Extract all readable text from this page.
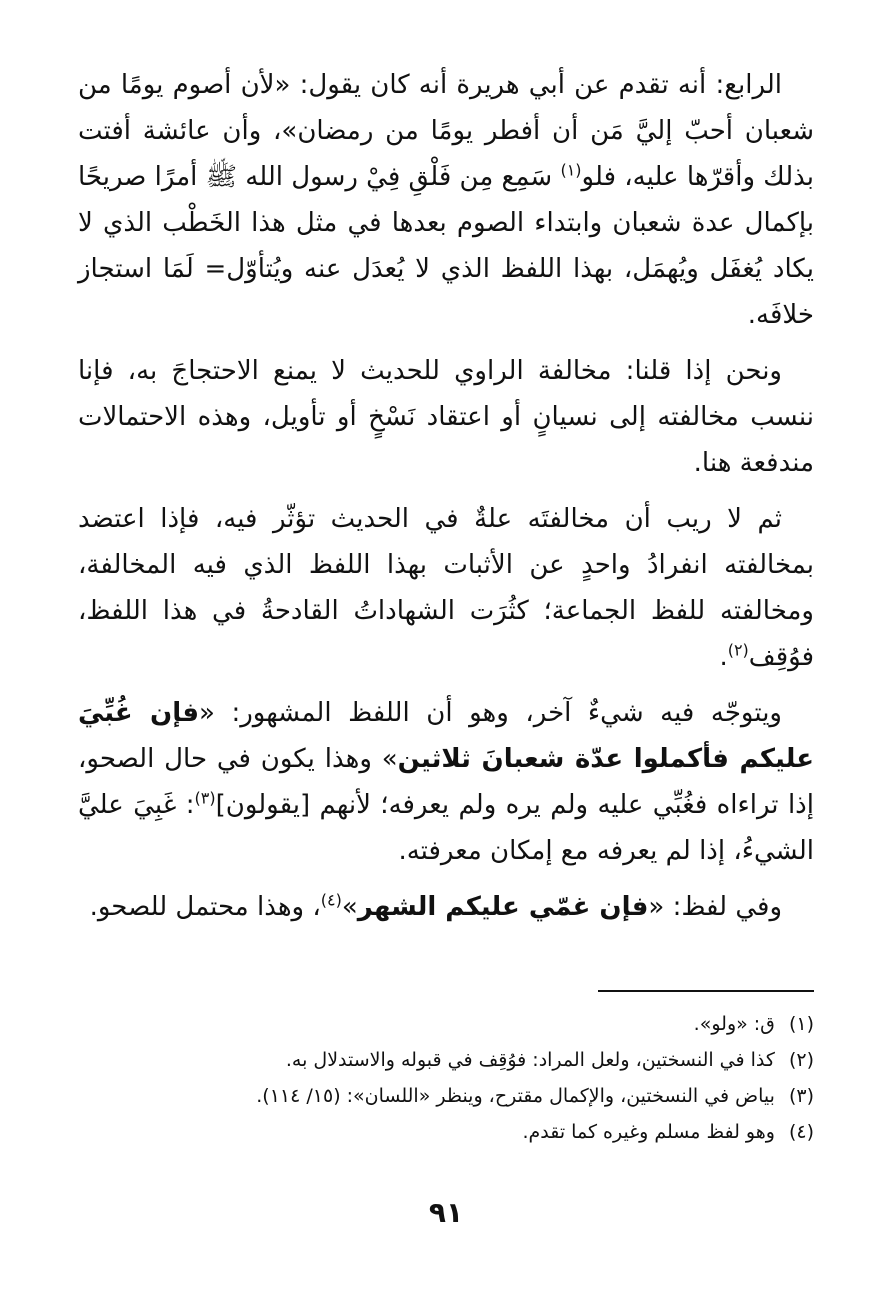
الرابع: أنه تقدم عن أبي هريرة أنه كان يقول: «لأن أصوم يومًا من شعبان أحبّ إليَّ مَن أن أفطر يومًا من رمضان»، وأن عائشة أفتت بذلك وأقرّها عليه، فلو$^{(١)}$ سَمِع مِن فَلْقِ فِيْ رسول الله ﷺ أمرًا صريحًا بإكمال عدة شعبان وابتداء الصوم بعدها في مثل هذا الخَطْب الذي لا يكاد يُغفَل ويُهمَل، بهذا اللفظ الذي لا يُعدَل عنه ويُتأوّل= لَمَا استجاز خلافَه.

ونحن إذا قلنا: مخالفة الراوي للحديث لا يمنع الاحتجاجَ به، فإنا ننسب مخالفته إلى نسيانٍ أو اعتقاد نَسْخٍ أو تأويل، وهذه الاحتمالات مندفعة هنا.

ثم لا ريب أن مخالفتَه علةٌ في الحديث تؤثّر فيه، فإذا اعتضد بمخالفته انفرادُ واحدٍ عن الأثبات بهذا اللفظ الذي فيه المخالفة، ومخالفته للفظ الجماعة؛ كثُرَت الشهاداتُ القادحةُ في هذا اللفظ، فوُقِف$^{(٢)}$.

ويتوجّه فيه شيءٌ آخر، وهو أن اللفظ المشهور: «فإن غُبِّيَ عليكم فأكملوا عدّة شعبانَ ثلاثين» وهذا يكون في حال الصحو، إذا تراءاه فغُبِّي عليه ولم يره ولم يعرفه؛ لأنهم [يقولون]$^{(٣)}$: غَبِيَ عليَّ الشيءُ، إذا لم يعرفه مع إمكان معرفته.

وفي لفظ: «فإن غمّي عليكم الشهر»$^{(٤)}$، وهذا محتمل للصحو.

(١)ق: «ولو».
(٢)كذا في النسختين، ولعل المراد: فوُقِف في قبوله والاستدلال به.
(٣)بياض في النسختين، والإكمال مقترح، وينظر «اللسان»: (١٥/ ١١٤).
(٤)وهو لفظ مسلم وغيره كما تقدم.
٩١
